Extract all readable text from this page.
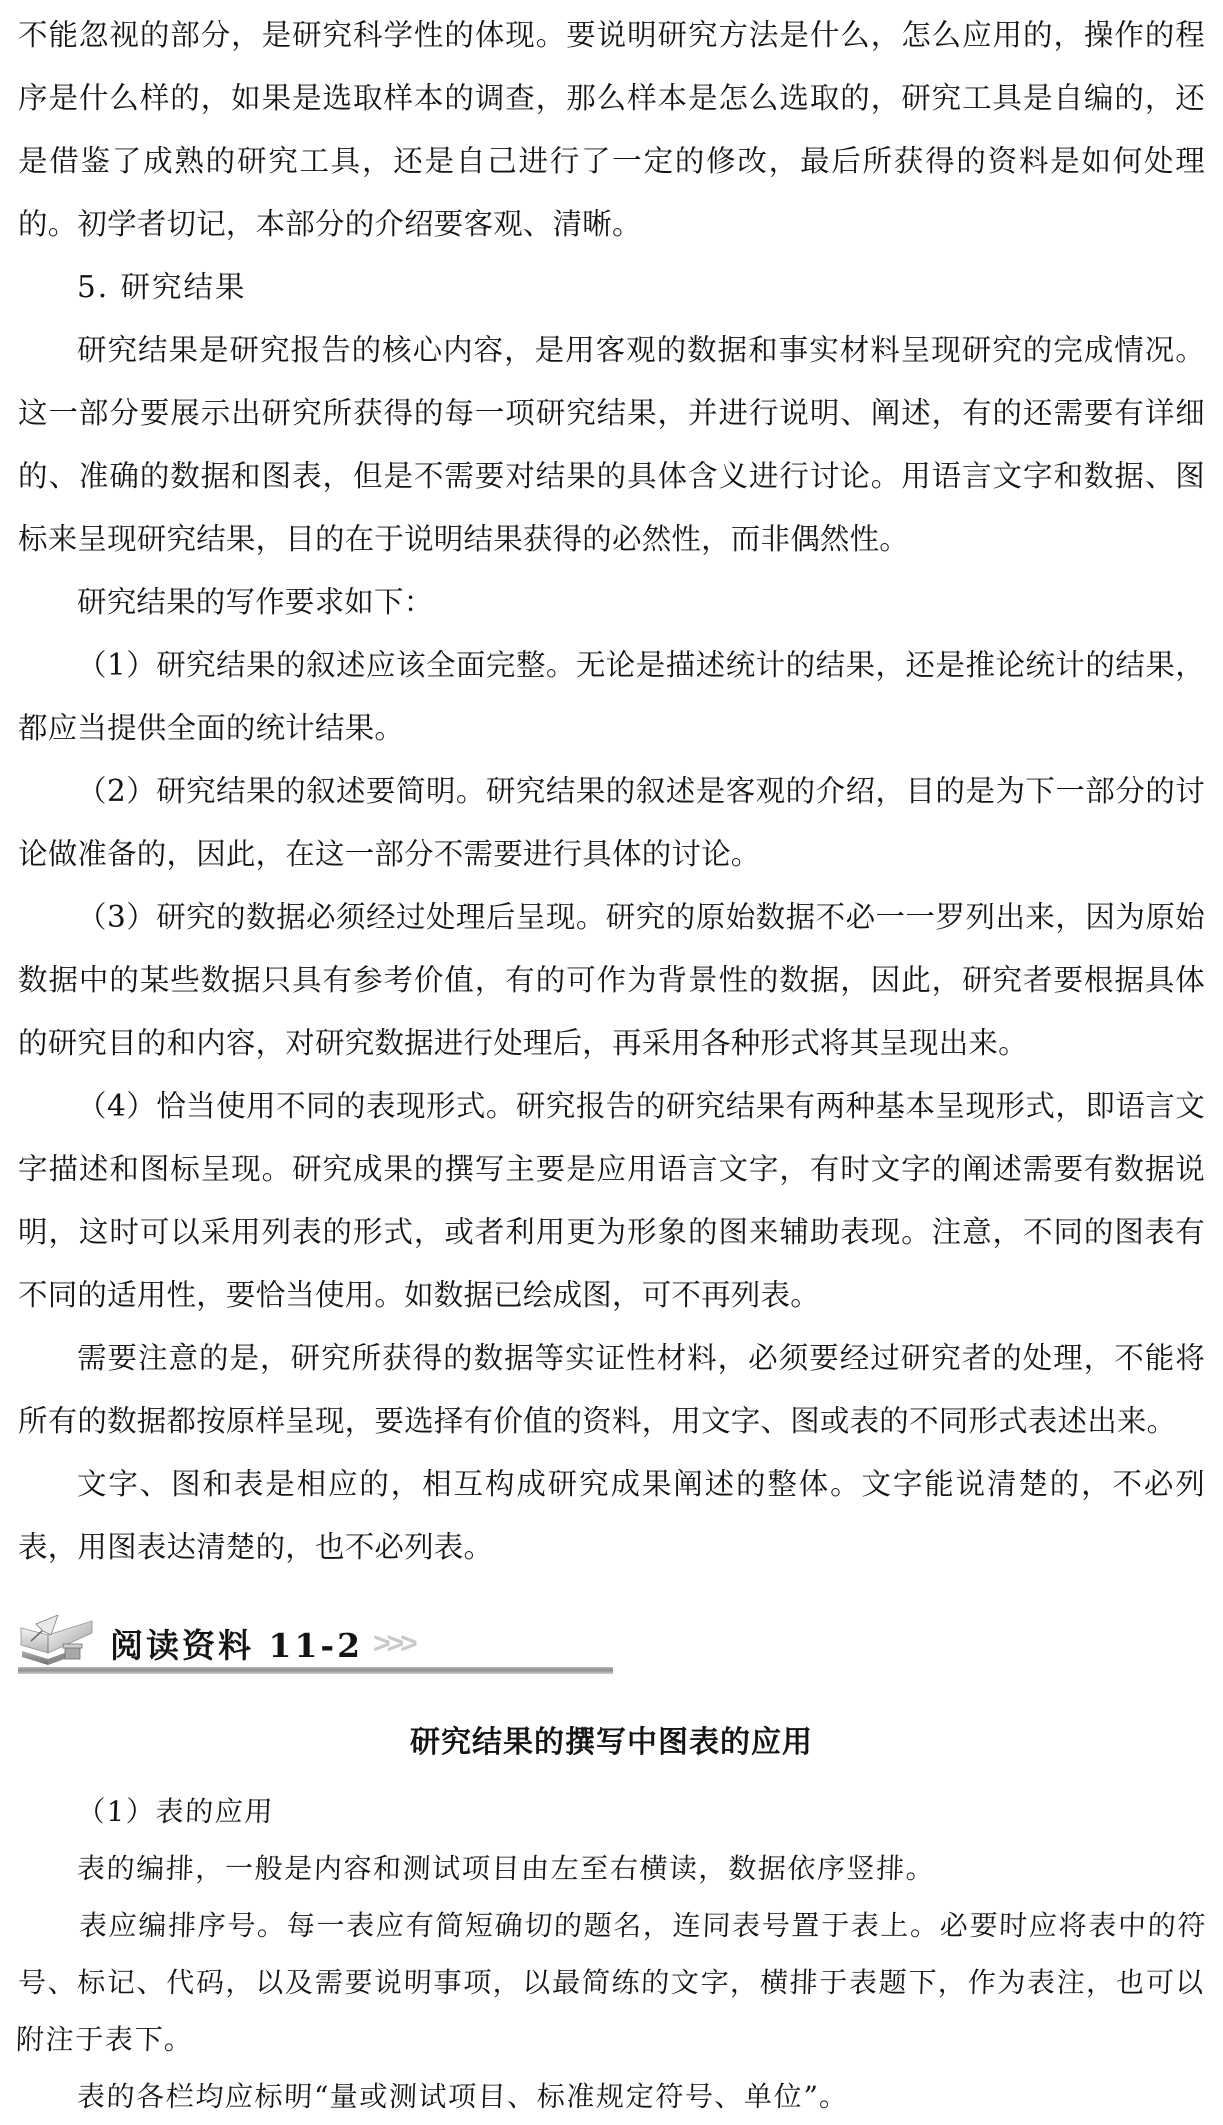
不能忽视的部分，是研究科学性的体现。要说明研究方法是什么，怎么应用的，操作的程序是什么样的，如果是选取样本的调查，那么样本是怎么选取的，研究工具是自编的，还是借鉴了成熟的研究工具，还是自己进行了一定的修改，最后所获得的资料是如何处理的。初学者切记，本部分的介绍要客观、清晰。

5. 研究结果

研究结果是研究报告的核心内容，是用客观的数据和事实材料呈现研究的完成情况。这一部分要展示出研究所获得的每一项研究结果，并进行说明、阐述，有的还需要有详细的、准确的数据和图表，但是不需要对结果的具体含义进行讨论。用语言文字和数据、图标来呈现研究结果，目的在于说明结果获得的必然性，而非偶然性。

研究结果的写作要求如下：

（1）研究结果的叙述应该全面完整。无论是描述统计的结果，还是推论统计的结果，都应当提供全面的统计结果。

（2）研究结果的叙述要简明。研究结果的叙述是客观的介绍，目的是为下一部分的讨论做准备的，因此，在这一部分不需要进行具体的讨论。

（3）研究的数据必须经过处理后呈现。研究的原始数据不必一一罗列出来，因为原始数据中的某些数据只具有参考价值，有的可作为背景性的数据，因此，研究者要根据具体的研究目的和内容，对研究数据进行处理后，再采用各种形式将其呈现出来。

（4）恰当使用不同的表现形式。研究报告的研究结果有两种基本呈现形式，即语言文字描述和图标呈现。研究成果的撰写主要是应用语言文字，有时文字的阐述需要有数据说明，这时可以采用列表的形式，或者利用更为形象的图来辅助表现。注意，不同的图表有不同的适用性，要恰当使用。如数据已绘成图，可不再列表。

需要注意的是，研究所获得的数据等实证性材料，必须要经过研究者的处理，不能将所有的数据都按原样呈现，要选择有价值的资料，用文字、图或表的不同形式表述出来。

文字、图和表是相应的，相互构成研究成果阐述的整体。文字能说清楚的，不必列表，用图表达清楚的，也不必列表。

阅读资料 11-2 >>>
研究结果的撰写中图表的应用

（1）表的应用

表的编排，一般是内容和测试项目由左至右横读，数据依序竖排。

表应编排序号。每一表应有简短确切的题名，连同表号置于表上。必要时应将表中的符号、标记、代码，以及需要说明事项，以最简练的文字，横排于表题下，作为表注，也可以附注于表下。

表的各栏均应标明“量或测试项目、标准规定符号、单位”。
